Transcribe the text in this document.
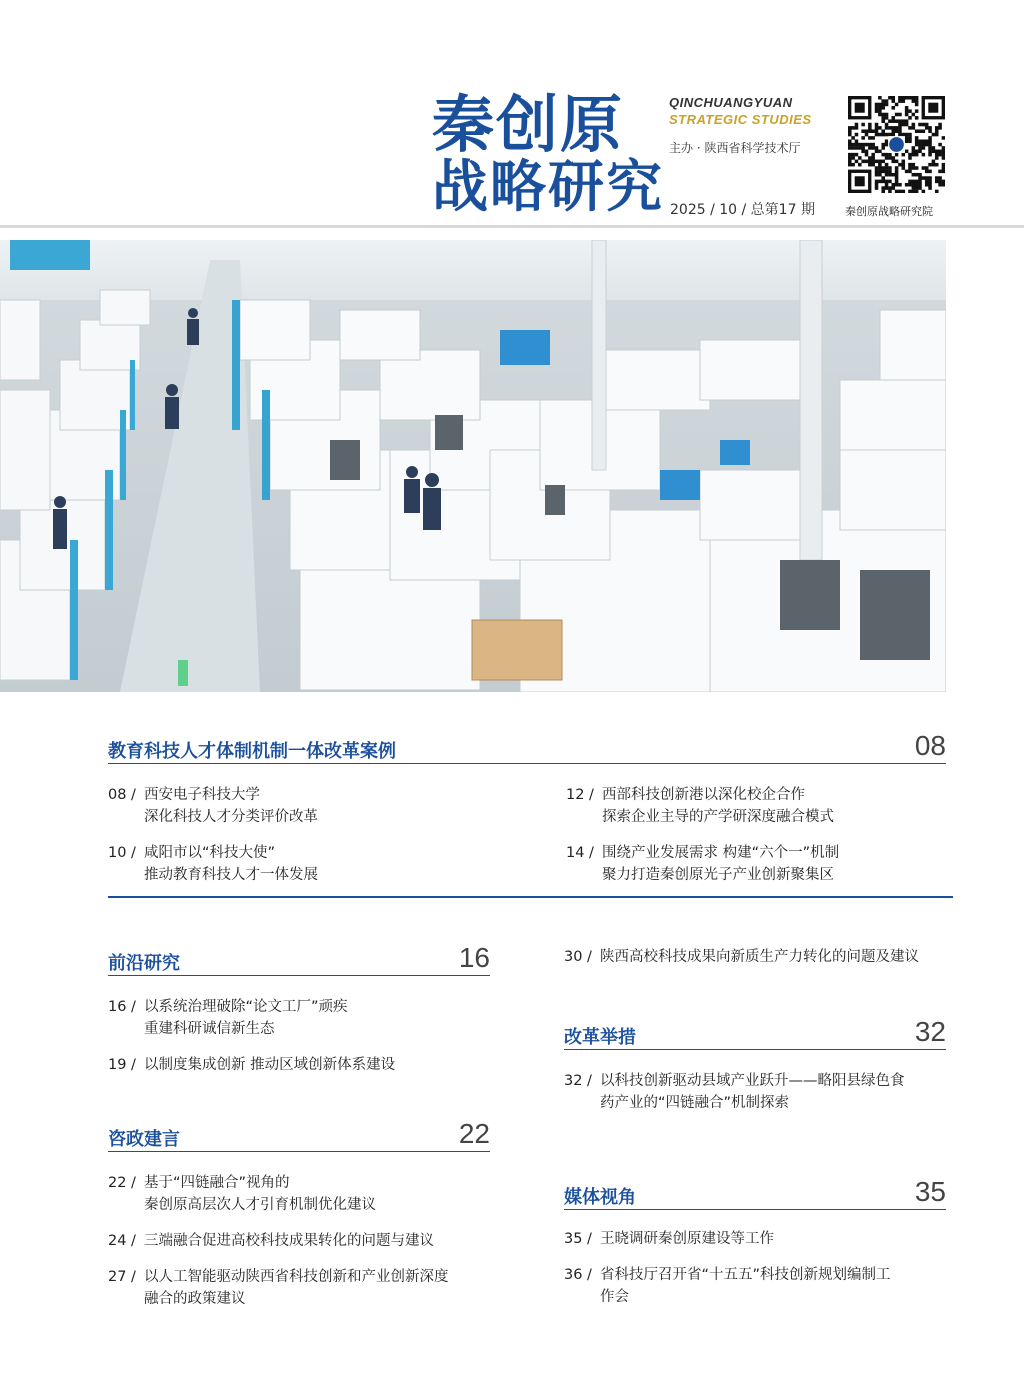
秦创原
战略研究
QINCHUANGYUAN
STRATEGIC STUDIES
主办 · 陕西省科学技术厅
2025 / 10 / 总第17 期	秦创原战略研究院
教育科技人才体制机制一体改革案例	08
08 / 西安电子科技大学
深化科技人才分类评价改革
10 / 咸阳市以“科技大使”
推动教育科技人才一体发展
12 / 西部科技创新港以深化校企合作
探索企业主导的产学研深度融合模式
14 / 围绕产业发展需求 构建“六个一”机制
聚力打造秦创原光子产业创新聚集区
前沿研究	16
16 / 以系统治理破除“论文工厂”顽疾
重建科研诚信新生态
19 / 以制度集成创新 推动区域创新体系建设
咨政建言	22
22 / 基于“四链融合”视角的
秦创原高层次人才引育机制优化建议
24 / 三端融合促进高校科技成果转化的问题与建议
27 / 以人工智能驱动陕西省科技创新和产业创新深度
融合的政策建议
30 / 陕西高校科技成果向新质生产力转化的问题及建议
改革举措	32
32 / 以科技创新驱动县域产业跃升——略阳县绿色食
药产业的“四链融合”机制探索
媒体视角	35
35 / 王晓调研秦创原建设等工作
36 / 省科技厅召开省“十五五”科技创新规划编制工
作会
